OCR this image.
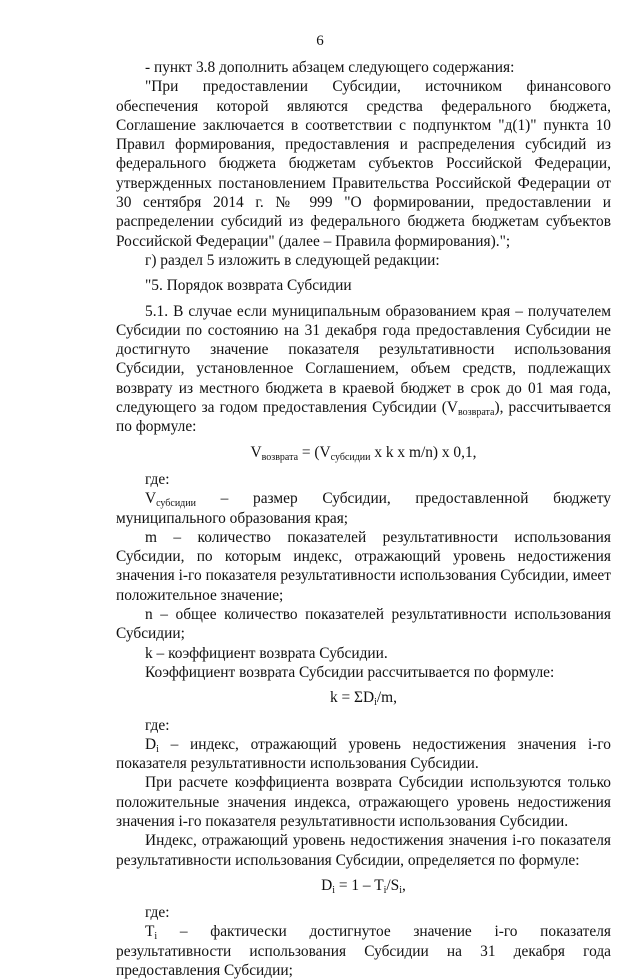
6

- пункт 3.8 дополнить абзацем следующего содержания:

"При предоставлении Субсидии, источником финансового обеспечения которой являются средства федерального бюджета, Соглашение заключается в соответствии с подпунктом "д(1)" пункта 10 Правил формирования, предоставления и распределения субсидий из федерального бюджета бюджетам субъектов Российской Федерации, утвержденных постановлением Правительства Российской Федерации от 30 сентября 2014 г. № 999 "О формировании, предоставлении и распределении субсидий из федерального бюджета бюджетам субъектов Российской Федерации" (далее – Правила формирования).";

г) раздел 5 изложить в следующей редакции:

"5. Порядок возврата Субсидии

5.1. В случае если муниципальным образованием края – получателем Субсидии по состоянию на 31 декабря года предоставления Субсидии не достигнуто значение показателя результативности использования Субсидии, установленное Соглашением, объем средств, подлежащих возврату из местного бюджета в краевой бюджет в срок до 01 мая года, следующего за годом предоставления Субсидии $(V_{возврата})$, рассчитывается по формуле:

$V_{возврата} = (V_{субсидии}$ x k x m/n) x 0,1,

где:

$V_{субсидии}$ – размер Субсидии, предоставленной бюджету муниципального образования края;

m – количество показателей результативности использования Субсидии, по которым индекс, отражающий уровень недостижения значения i-го показателя результативности использования Субсидии, имеет положительное значение;

n – общее количество показателей результативности использования Субсидии;

k – коэффициент возврата Субсидии.

Коэффициент возврата Субсидии рассчитывается по формуле:

$k = \Sigma D_i/m$,

где:

$D_i$ – индекс, отражающий уровень недостижения значения i-го показателя результативности использования Субсидии.

При расчете коэффициента возврата Субсидии используются только положительные значения индекса, отражающего уровень недостижения значения i-го показателя результативности использования Субсидии.

Индекс, отражающий уровень недостижения значения i-го показателя результативности использования Субсидии, определяется по формуле:

$D_i = 1 - T_i/S_i$,

где:

$T_i$ – фактически достигнутое значение i-го показателя результативности использования Субсидии на 31 декабря года предоставления Субсидии;
